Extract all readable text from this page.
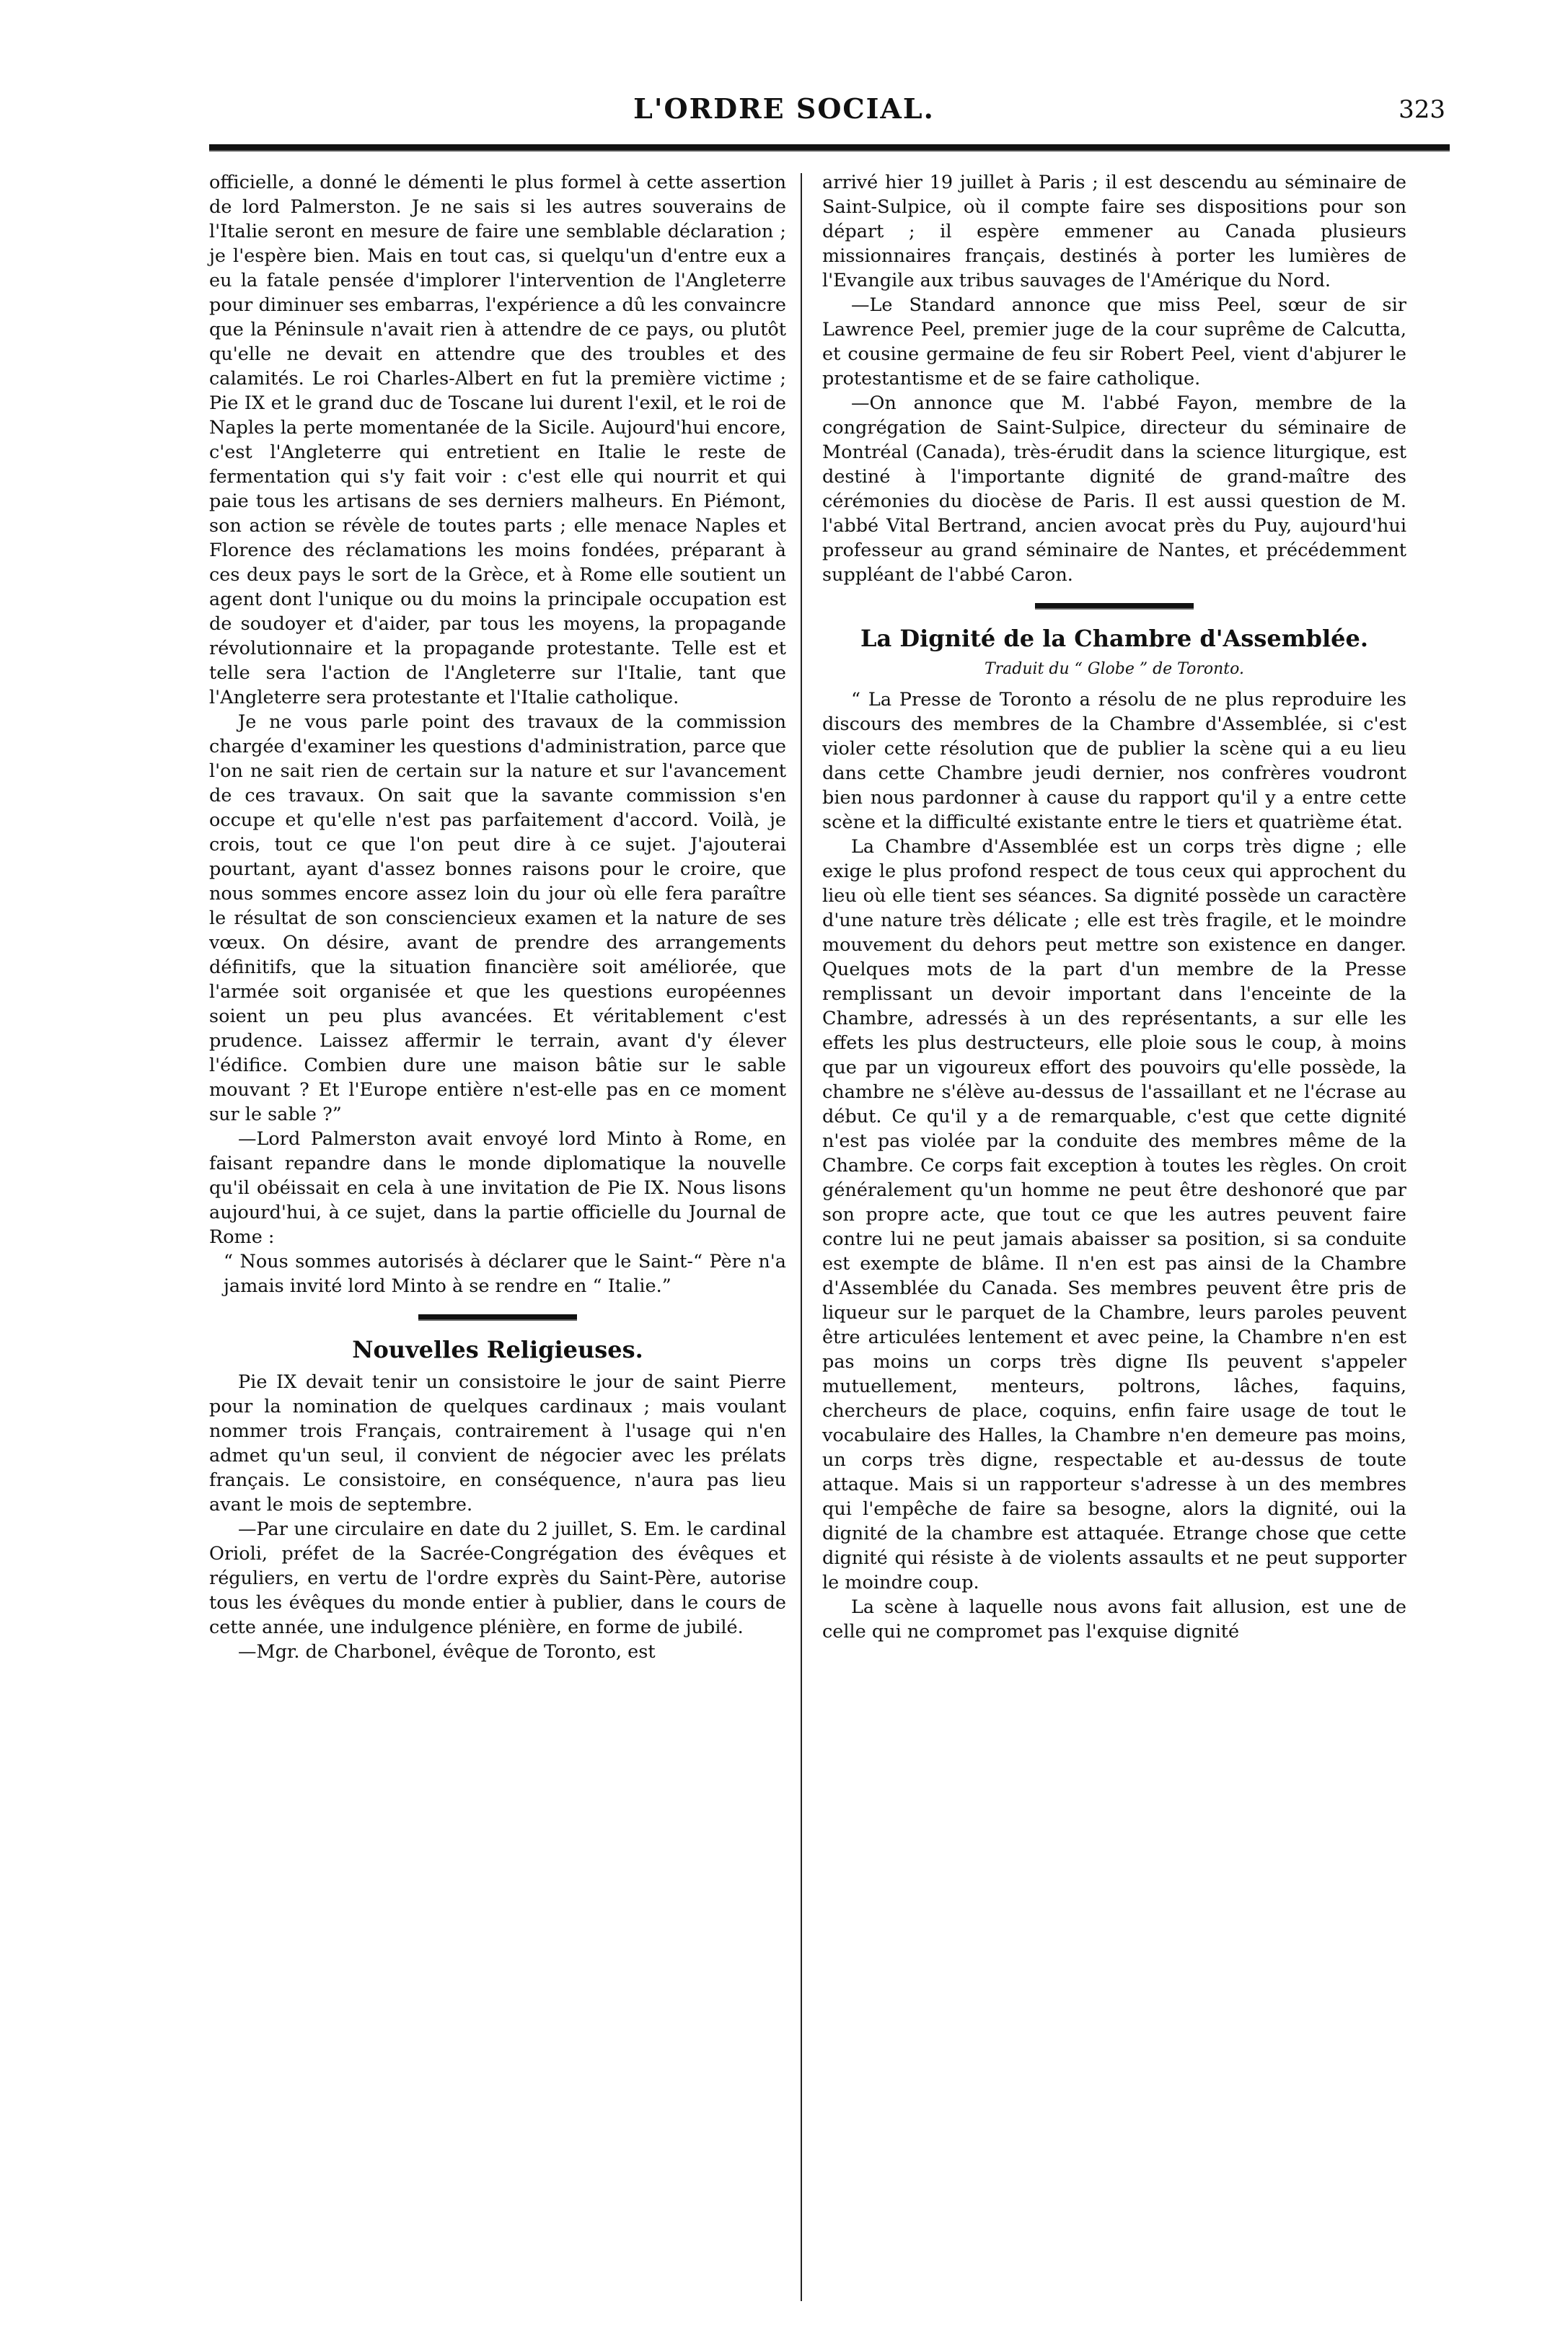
L'ORDRE SOCIAL.	323

officielle, a donné le démenti le plus formel à cette assertion de lord Palmerston. Je ne sais si les autres souverains de l'Italie seront en mesure de faire une semblable déclaration ; je l'espère bien. Mais en tout cas, si quelqu'un d'entre eux a eu la fatale pensée d'implorer l'intervention de l'Angleterre pour diminuer ses embarras, l'expérience a dû les convaincre que la Péninsule n'avait rien à attendre de ce pays, ou plutôt qu'elle ne devait en attendre que des troubles et des calamités. Le roi Charles-Albert en fut la première victime ; Pie IX et le grand duc de Toscane lui durent l'exil, et le roi de Naples la perte momentanée de la Sicile. Aujourd'hui encore, c'est l'Angleterre qui entretient en Italie le reste de fermentation qui s'y fait voir : c'est elle qui nourrit et qui paie tous les artisans de ses derniers malheurs. En Piémont, son action se révèle de toutes parts ; elle menace Naples et Florence des réclamations les moins fondées, préparant à ces deux pays le sort de la Grèce, et à Rome elle soutient un agent dont l'unique ou du moins la principale occupation est de soudoyer et d'aider, par tous les moyens, la propagande révolutionnaire et la propagande protestante. Telle est et telle sera l'action de l'Angleterre sur l'Italie, tant que l'Angleterre sera protestante et l'Italie catholique.

Je ne vous parle point des travaux de la commission chargée d'examiner les questions d'administration, parce que l'on ne sait rien de certain sur la nature et sur l'avancement de ces travaux. On sait que la savante commission s'en occupe et qu'elle n'est pas parfaitement d'accord. Voilà, je crois, tout ce que l'on peut dire à ce sujet. J'ajouterai pourtant, ayant d'assez bonnes raisons pour le croire, que nous sommes encore assez loin du jour où elle fera paraître le résultat de son consciencieux examen et la nature de ses vœux. On désire, avant de prendre des arrangements définitifs, que la situation financière soit améliorée, que l'armée soit organisée et que les questions européennes soient un peu plus avancées. Et véritablement c'est prudence. Laissez affermir le terrain, avant d'y élever l'édifice. Combien dure une maison bâtie sur le sable mouvant ? Et l'Europe entière n'est-elle pas en ce moment sur le sable ?”

—Lord Palmerston avait envoyé lord Minto à Rome, en faisant repandre dans le monde diplomatique la nouvelle qu'il obéissait en cela à une invitation de Pie IX. Nous lisons aujourd'hui, à ce sujet, dans la partie officielle du Journal de Rome :

“ Nous sommes autorisés à déclarer que le Saint-“ Père n'a jamais invité lord Minto à se rendre en “ Italie.”

Nouvelles Religieuses.

Pie IX devait tenir un consistoire le jour de saint Pierre pour la nomination de quelques cardinaux ; mais voulant nommer trois Français, contrairement à l'usage qui n'en admet qu'un seul, il convient de négocier avec les prélats français. Le consistoire, en conséquence, n'aura pas lieu avant le mois de septembre.

—Par une circulaire en date du 2 juillet, S. Em. le cardinal Orioli, préfet de la Sacrée-Congrégation des évêques et réguliers, en vertu de l'ordre exprès du Saint-Père, autorise tous les évêques du monde entier à publier, dans le cours de cette année, une indulgence plénière, en forme de jubilé.

—Mgr. de Charbonel, évêque de Toronto, est

arrivé hier 19 juillet à Paris ; il est descendu au séminaire de Saint-Sulpice, où il compte faire ses dispositions pour son départ ; il espère emmener au Canada plusieurs missionnaires français, destinés à porter les lumières de l'Evangile aux tribus sauvages de l'Amérique du Nord.

—Le Standard annonce que miss Peel, sœur de sir Lawrence Peel, premier juge de la cour suprême de Calcutta, et cousine germaine de feu sir Robert Peel, vient d'abjurer le protestantisme et de se faire catholique.

—On annonce que M. l'abbé Fayon, membre de la congrégation de Saint-Sulpice, directeur du séminaire de Montréal (Canada), très-érudit dans la science liturgique, est destiné à l'importante dignité de grand-maître des cérémonies du diocèse de Paris. Il est aussi question de M. l'abbé Vital Bertrand, ancien avocat près du Puy, aujourd'hui professeur au grand séminaire de Nantes, et précédemment suppléant de l'abbé Caron.

La Dignité de la Chambre d'Assemblée.
Traduit du “ Globe ” de Toronto.

“ La Presse de Toronto a résolu de ne plus reproduire les discours des membres de la Chambre d'Assemblée, si c'est violer cette résolution que de publier la scène qui a eu lieu dans cette Chambre jeudi dernier, nos confrères voudront bien nous pardonner à cause du rapport qu'il y a entre cette scène et la difficulté existante entre le tiers et quatrième état.

La Chambre d'Assemblée est un corps très digne ; elle exige le plus profond respect de tous ceux qui approchent du lieu où elle tient ses séances. Sa dignité possède un caractère d'une nature très délicate ; elle est très fragile, et le moindre mouvement du dehors peut mettre son existence en danger. Quelques mots de la part d'un membre de la Presse remplissant un devoir important dans l'enceinte de la Chambre, adressés à un des représentants, a sur elle les effets les plus destructeurs, elle ploie sous le coup, à moins que par un vigoureux effort des pouvoirs qu'elle possède, la chambre ne s'élève au-dessus de l'assaillant et ne l'écrase au début. Ce qu'il y a de remarquable, c'est que cette dignité n'est pas violée par la conduite des membres même de la Chambre. Ce corps fait exception à toutes les règles. On croit généralement qu'un homme ne peut être deshonoré que par son propre acte, que tout ce que les autres peuvent faire contre lui ne peut jamais abaisser sa position, si sa conduite est exempte de blâme. Il n'en est pas ainsi de la Chambre d'Assemblée du Canada. Ses membres peuvent être pris de liqueur sur le parquet de la Chambre, leurs paroles peuvent être articulées lentement et avec peine, la Chambre n'en est pas moins un corps très digne Ils peuvent s'appeler mutuellement, menteurs, poltrons, lâches, faquins, chercheurs de place, coquins, enfin faire usage de tout le vocabulaire des Halles, la Chambre n'en demeure pas moins, un corps très digne, respectable et au-dessus de toute attaque. Mais si un rapporteur s'adresse à un des membres qui l'empêche de faire sa besogne, alors la dignité, oui la dignité de la chambre est attaquée. Etrange chose que cette dignité qui résiste à de violents assaults et ne peut supporter le moindre coup.

La scène à laquelle nous avons fait allusion, est une de celle qui ne compromet pas l'exquise dignité
